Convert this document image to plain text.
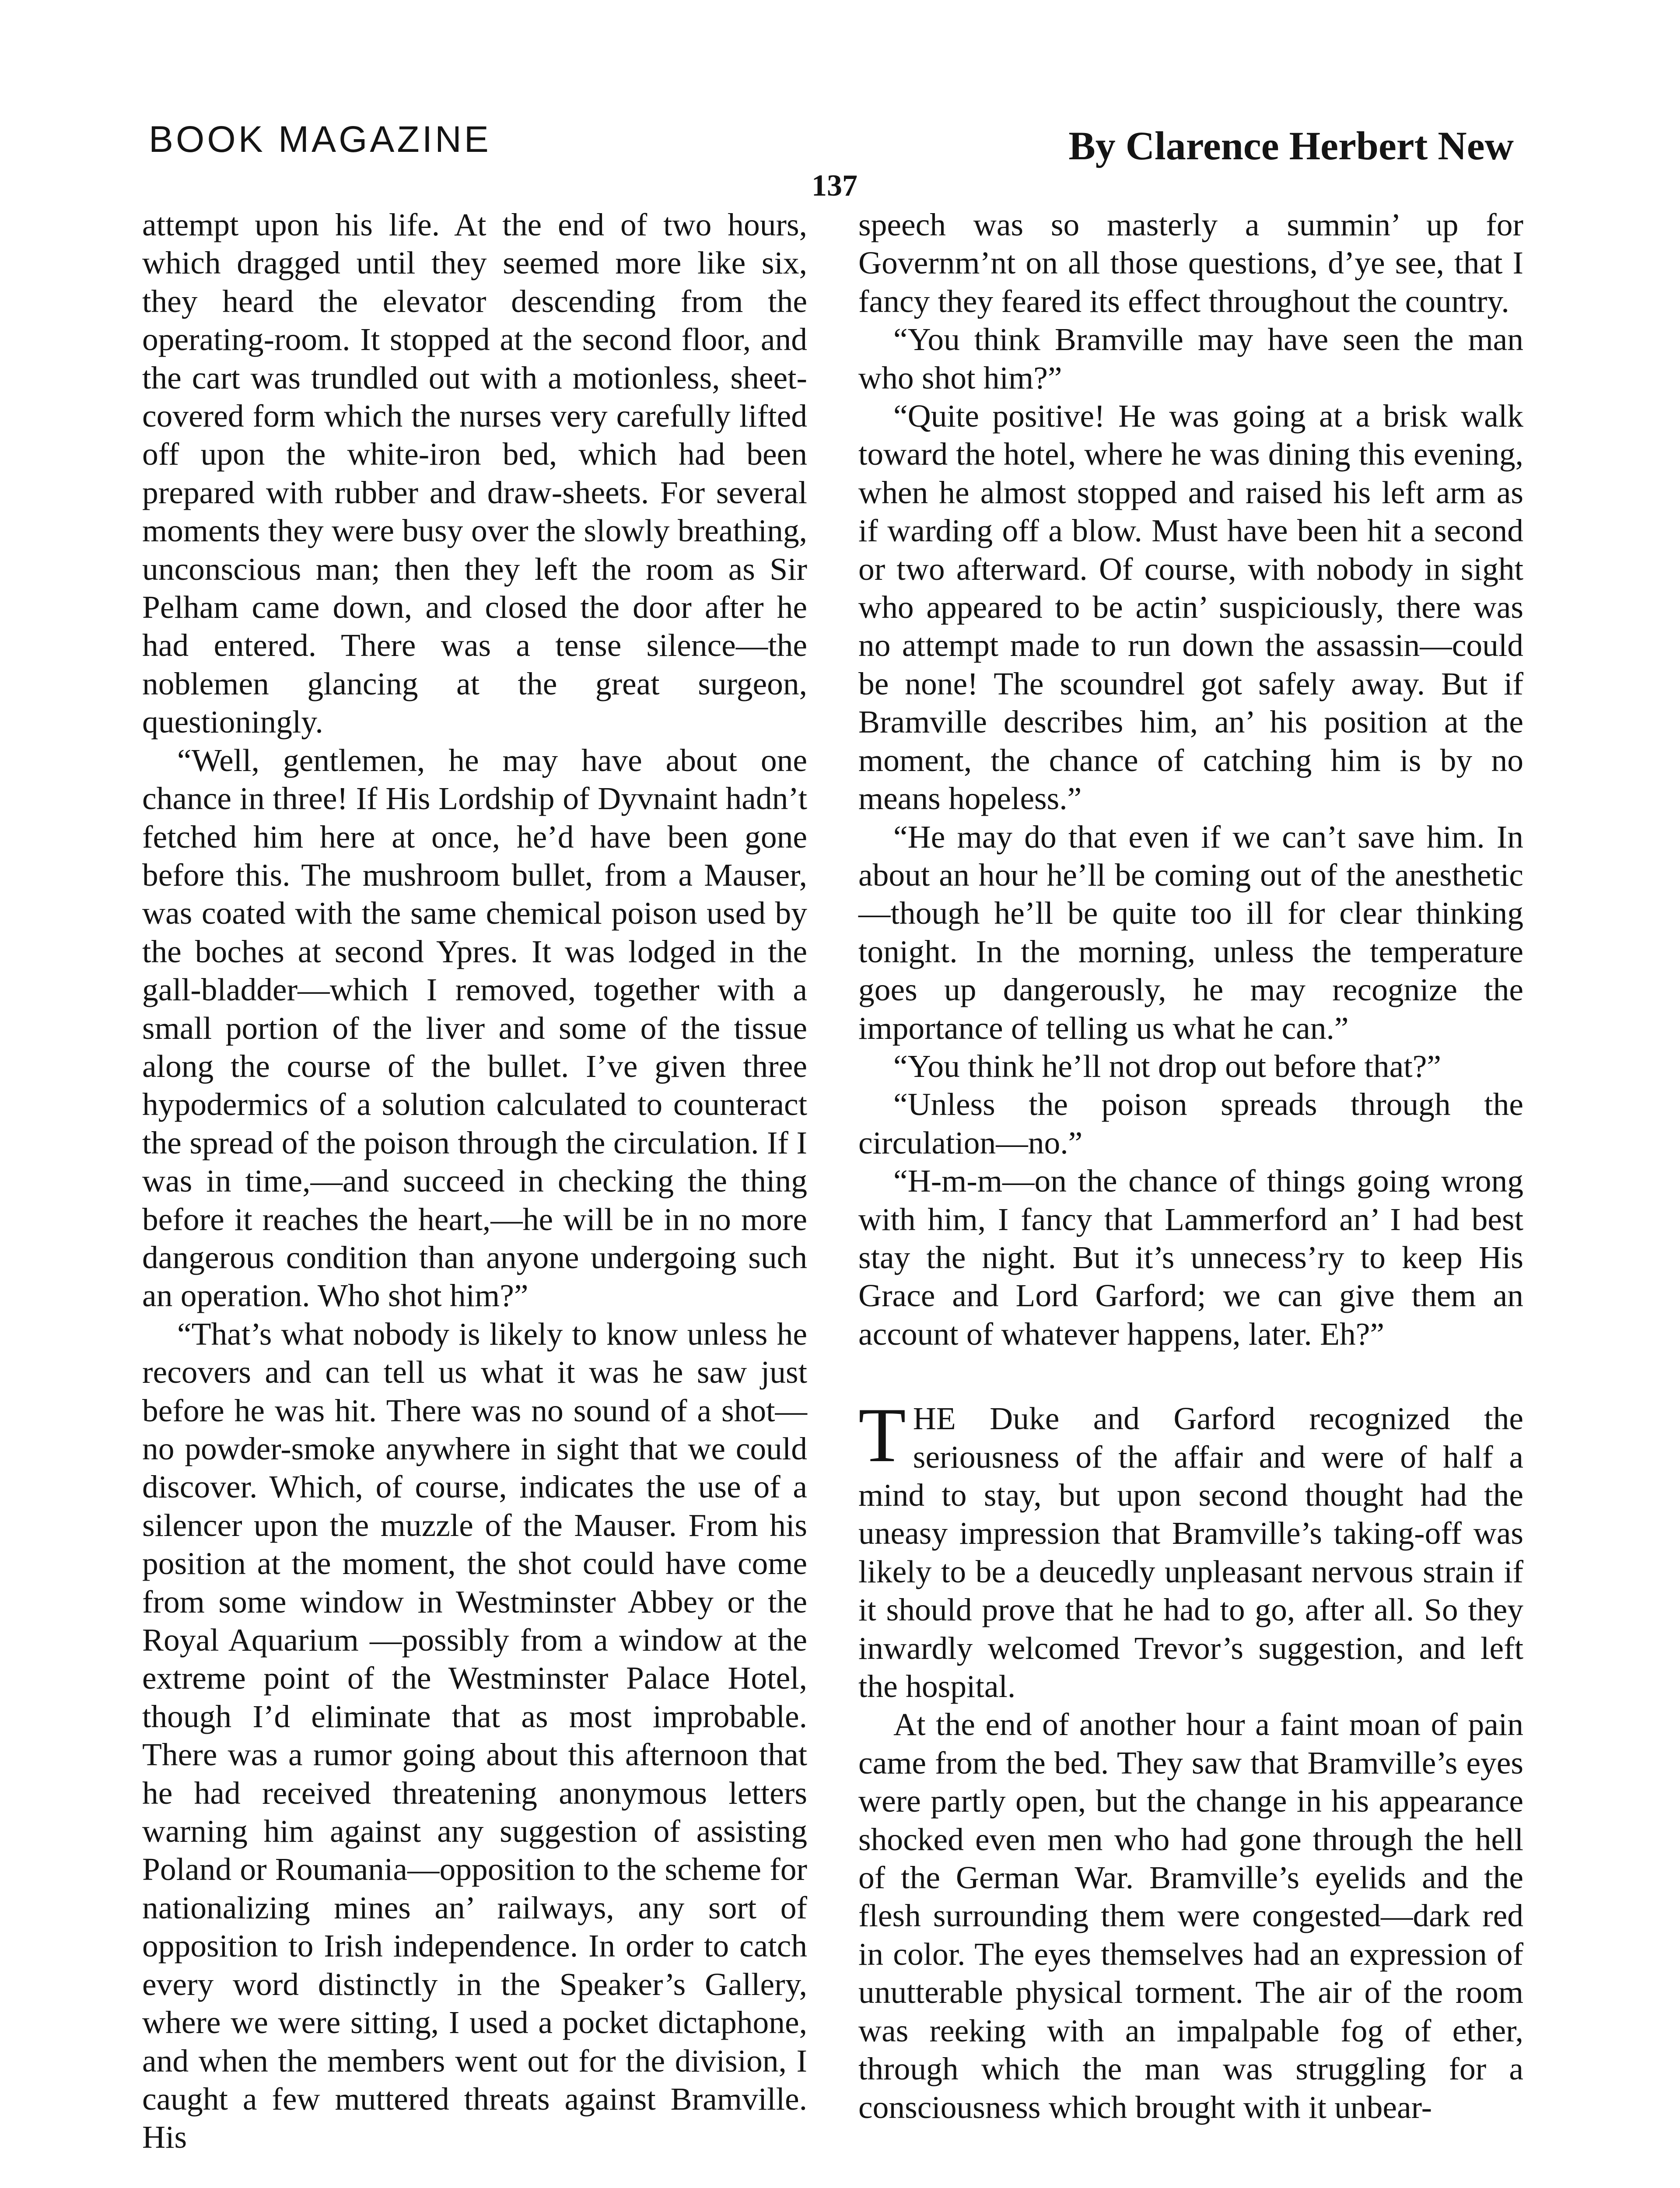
BOOK MAGAZINE	By Clarence Herbert New
137

attempt upon his life. At the end of two hours, which dragged until they seemed more like six, they heard the elevator descending from the operating-room. It stopped at the second floor, and the cart was trundled out with a motionless, sheet-covered form which the nurses very carefully lifted off upon the white-iron bed, which had been prepared with rubber and draw-sheets. For several moments they were busy over the slowly breathing, unconscious man; then they left the room as Sir Pelham came down, and closed the door after he had entered. There was a tense silence—the noblemen glancing at the great surgeon, questioningly.

“Well, gentlemen, he may have about one chance in three! If His Lordship of Dyvnaint hadn’t fetched him here at once, he’d have been gone before this. The mushroom bullet, from a Mauser, was coated with the same chemical poison used by the boches at second Ypres. It was lodged in the gall-bladder—which I removed, together with a small portion of the liver and some of the tissue along the course of the bullet. I’ve given three hypodermics of a solution calculated to counteract the spread of the poison through the circulation. If I was in time,—and succeed in checking the thing before it reaches the heart,—he will be in no more dangerous condition than anyone undergoing such an operation. Who shot him?”

“That’s what nobody is likely to know unless he recovers and can tell us what it was he saw just before he was hit. There was no sound of a shot—no powder-smoke anywhere in sight that we could discover. Which, of course, indicates the use of a silencer upon the muzzle of the Mauser. From his position at the moment, the shot could have come from some window in Westminster Abbey or the Royal Aquarium —possibly from a window at the extreme point of the Westminster Palace Hotel, though I’d eliminate that as most improbable. There was a rumor going about this afternoon that he had received threatening anonymous letters warning him against any suggestion of assisting Poland or Roumania—opposition to the scheme for nationalizing mines an’ railways, any sort of opposition to Irish independence. In order to catch every word distinctly in the Speaker’s Gallery, where we were sitting, I used a pocket dictaphone, and when the members went out for the division, I caught a few muttered threats against Bramville. His

speech was so masterly a summin’ up for Governm’nt on all those questions, d’ye see, that I fancy they feared its effect throughout the country.

“You think Bramville may have seen the man who shot him?”

“Quite positive! He was going at a brisk walk toward the hotel, where he was dining this evening, when he almost stopped and raised his left arm as if warding off a blow. Must have been hit a second or two afterward. Of course, with nobody in sight who appeared to be actin’ suspiciously, there was no attempt made to run down the assassin—could be none! The scoundrel got safely away. But if Bramville describes him, an’ his position at the moment, the chance of catching him is by no means hopeless.”

“He may do that even if we can’t save him. In about an hour he’ll be coming out of the anesthetic—though he’ll be quite too ill for clear thinking tonight. In the morning, unless the temperature goes up dangerously, he may recognize the importance of telling us what he can.”

“You think he’ll not drop out before that?”

“Unless the poison spreads through the circulation—no.”

“H-m-m—on the chance of things going wrong with him, I fancy that Lammerford an’ I had best stay the night. But it’s unnecess’ry to keep His Grace and Lord Garford; we can give them an account of whatever happens, later. Eh?”

THE Duke and Garford recognized the seriousness of the affair and were of half a mind to stay, but upon second thought had the uneasy impression that Bramville’s taking-off was likely to be a deucedly unpleasant nervous strain if it should prove that he had to go, after all. So they inwardly welcomed Trevor’s suggestion, and left the hospital.

At the end of another hour a faint moan of pain came from the bed. They saw that Bramville’s eyes were partly open, but the change in his appearance shocked even men who had gone through the hell of the German War. Bramville’s eyelids and the flesh surrounding them were congested—dark red in color. The eyes themselves had an expression of unutterable physical torment. The air of the room was reeking with an impalpable fog of ether, through which the man was struggling for a consciousness which brought with it unbear-
